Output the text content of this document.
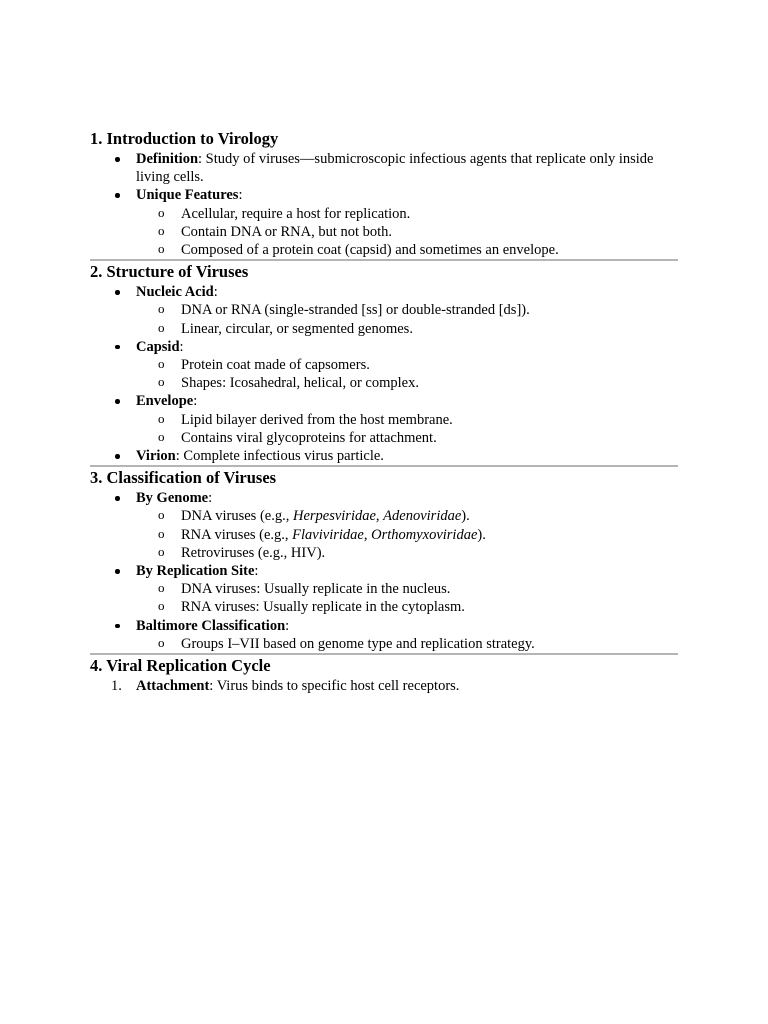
1. Introduction to Virology
Definition: Study of viruses—submicroscopic infectious agents that replicate only inside living cells.
Unique Features:
o Acellular, require a host for replication.
o Contain DNA or RNA, but not both.
o Composed of a protein coat (capsid) and sometimes an envelope.
2. Structure of Viruses
Nucleic Acid:
o DNA or RNA (single-stranded [ss] or double-stranded [ds]).
o Linear, circular, or segmented genomes.
Capsid:
o Protein coat made of capsomers.
o Shapes: Icosahedral, helical, or complex.
Envelope:
o Lipid bilayer derived from the host membrane.
o Contains viral glycoproteins for attachment.
Virion: Complete infectious virus particle.
3. Classification of Viruses
By Genome:
o DNA viruses (e.g., Herpesviridae, Adenoviridae).
o RNA viruses (e.g., Flaviviridae, Orthomyxoviridae).
o Retroviruses (e.g., HIV).
By Replication Site:
o DNA viruses: Usually replicate in the nucleus.
o RNA viruses: Usually replicate in the cytoplasm.
Baltimore Classification:
o Groups I–VII based on genome type and replication strategy.
4. Viral Replication Cycle
1. Attachment: Virus binds to specific host cell receptors.
